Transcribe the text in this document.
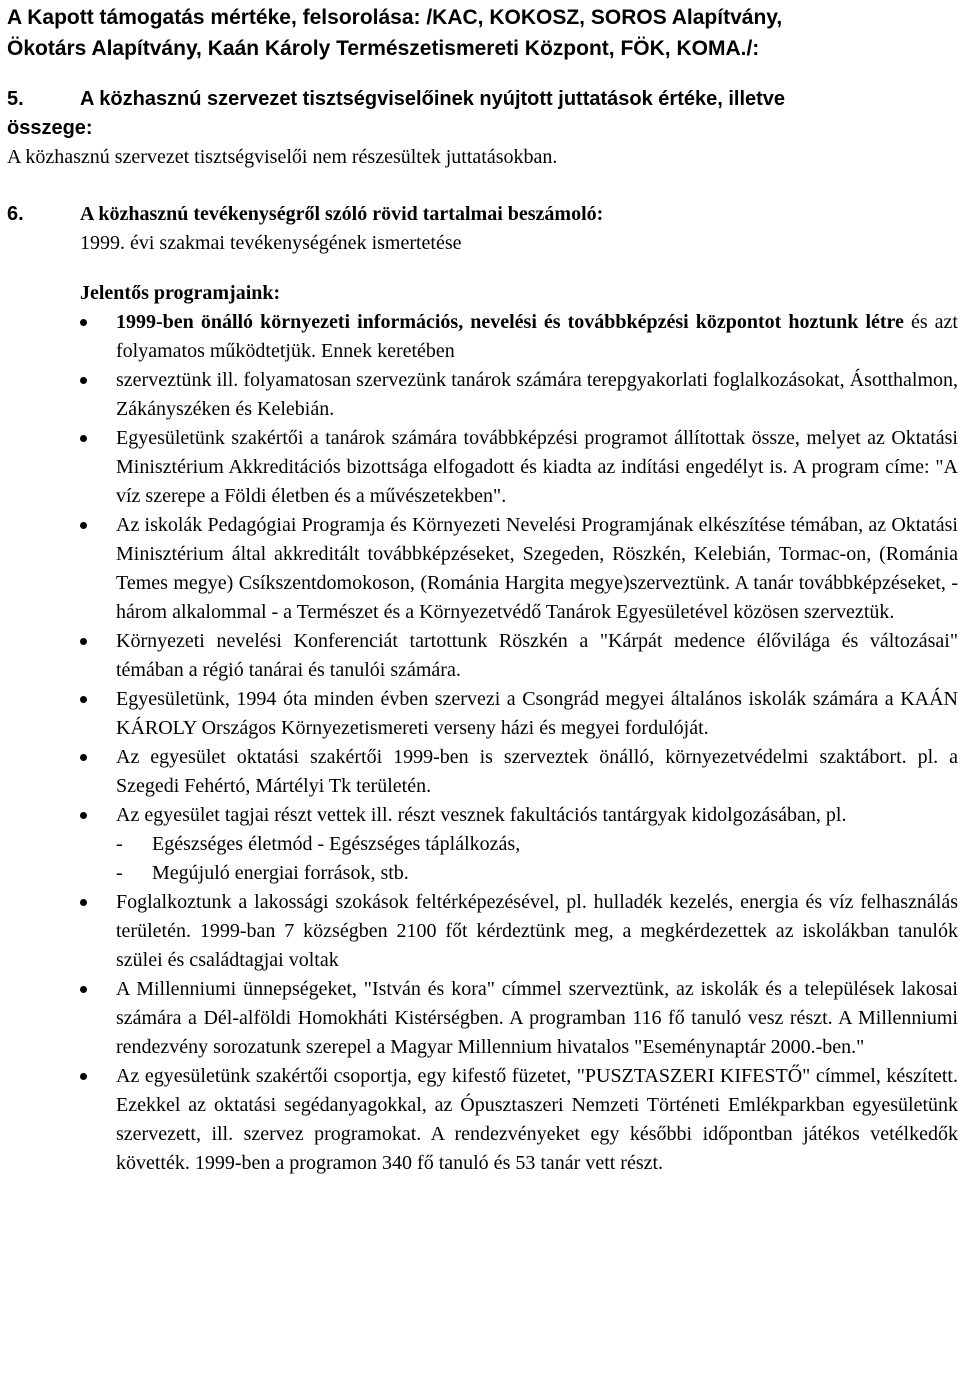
A Kapott támogatás mértéke, felsorolása: /KAC, KOKOSZ, SOROS Alapítvány,
Ökotárs Alapítvány, Kaán Károly Természetismereti Központ, FÖK, KOMA./:
5.	A közhasznú szervezet tisztségviselőinek nyújtott juttatások értéke, illetve
összege:
A közhasznú szervezet tisztségviselői nem részesültek juttatásokban.
6.	A közhasznú tevékenységről szóló rövid tartalmai beszámoló:
1999. évi szakmai tevékenységének ismertetése
Jelentős programjaink:
1999-ben önálló környezeti információs, nevelési és továbbképzési központot hoztunk létre és azt folyamatos működtetjük. Ennek keretében
szerveztünk ill. folyamatosan szervezünk tanárok számára terepgyakorlati foglalkozásokat, Ásotthalmon, Zákányszéken és Kelebián.
Egyesületünk szakértői a tanárok számára továbbképzési programot állítottak össze, melyet az Oktatási Minisztérium Akkreditációs bizottsága elfogadott és kiadta az indítási engedélyt is. A program címe: "A víz szerepe a Földi életben és a művészetekben".
Az iskolák Pedagógiai Programja és Környezeti Nevelési Programjának elkészítése témában, az Oktatási Minisztérium által akkreditált továbbképzéseket, Szegeden, Röszkén, Kelebián, Tormac-on, (Románia Temes megye) Csíkszentdomokoson, (Románia Hargita megye)szerveztünk. A tanár továbbképzéseket, - három alkalommal - a Természet és a Környezetvédő Tanárok Egyesületével közösen szerveztük.
Környezeti nevelési Konferenciát tartottunk Röszkén a "Kárpát medence élővilága és változásai" témában a régió tanárai és tanulói számára.
Egyesületünk, 1994 óta minden évben szervezi a Csongrád megyei általános iskolák számára a KAÁN KÁROLY Országos Környezetismereti verseny házi és megyei fordulóját.
Az egyesület oktatási szakértői 1999-ben is szerveztek önálló, környezetvédelmi szaktábort. pl. a Szegedi Fehértó, Mártélyi Tk területén.
Az egyesület tagjai részt vettek ill. részt vesznek fakultációs tantárgyak kidolgozásában, pl.
- Egészséges életmód - Egészséges táplálkozás,
- Megújuló energiai források, stb.
Foglalkoztunk a lakossági szokások feltérképezésével, pl. hulladék kezelés, energia és víz felhasználás területén. 1999-ban 7 községben 2100 főt kérdeztünk meg, a megkérdezettek az iskolákban tanulók szülei és családtagjai voltak
A Millenniumi ünnepségeket, "István és kora" címmel szerveztünk, az iskolák és a települések lakosai számára a Dél-alföldi Homokháti Kistérségben. A programban 116 fő tanuló vesz részt. A Millenniumi rendezvény sorozatunk szerepel a Magyar Millennium hivatalos "Eseménynaptár 2000.-ben."
Az egyesületünk szakértői csoportja, egy kifestő füzetet, "PUSZTASZERI KIFESTŐ" címmel, készített. Ezekkel az oktatási segédanyagokkal, az Ópusztaszeri Nemzeti Történeti Emlékparkban egyesületünk szervezett, ill. szervez programokat. A rendezvényeket egy későbbi időpontban játékos vetélkedők követték. 1999-ben a programon 340 fő tanuló és 53 tanár vett részt.
